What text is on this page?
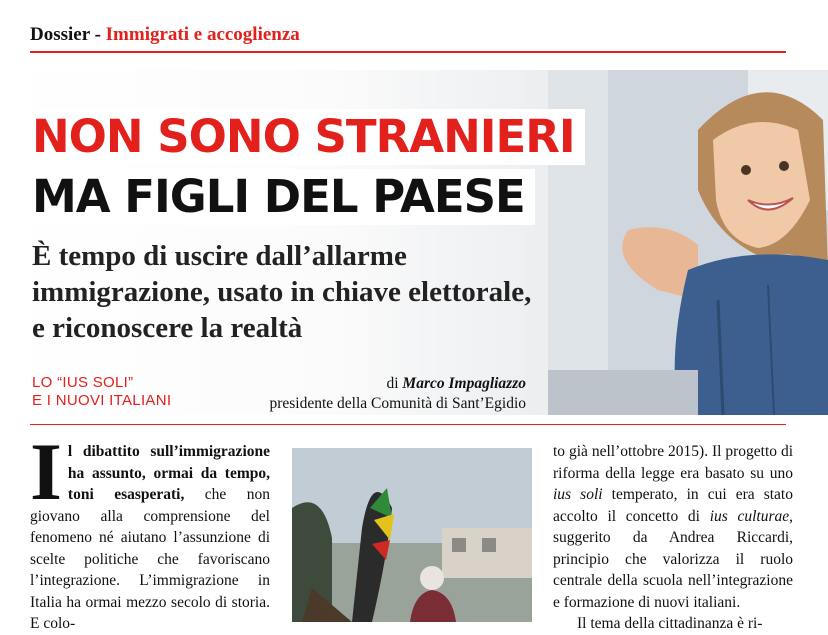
Dossier - Immigrati e accoglienza
NON SONO STRANIERI
MA FIGLI DEL PAESE
È tempo di uscire dall’allarme immigrazione, usato in chiave elettorale, e riconoscere la realtà
LO “IUS SOLI”
E I NUOVI ITALIANI
di Marco Impagliazzo
presidente della Comunità di Sant’Egidio

Il dibattito sull’immigrazione ha assunto, ormai da tempo, toni esasperati, che non giovano alla comprensione del fenomeno né aiutano l’assunzione di scelte politiche che favoriscano l’integrazione. L’immigrazione in Italia ha ormai mezzo secolo di storia. E colo-

to già nell’ottobre 2015). Il progetto di riforma della legge era basato su uno ius soli temperato, in cui era stato accolto il concetto di ius culturae, suggerito da Andrea Riccardi, principio che valorizza il ruolo centrale della scuola nell’integrazione e formazione di nuovi italiani.

Il tema della cittadinanza è ri-
